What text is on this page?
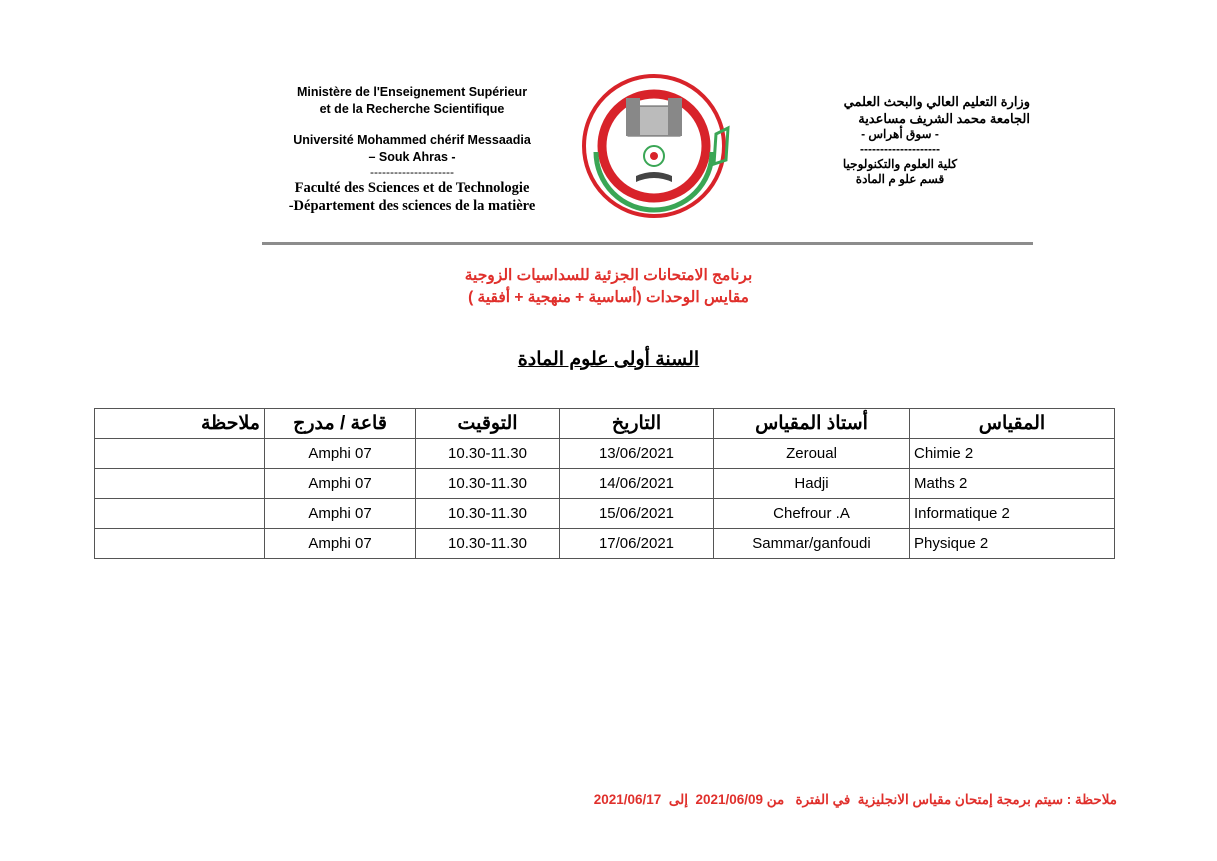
Ministère de l'Enseignement Supérieur
et de la Recherche Scientifique
Université Mohammed chérif Messaadia
– Souk Ahras -
---------------------
Faculté des Sciences et de Technologie
-Département des sciences de la matière
وزارة التعليم العالي والبحث العلمي
الجامعة محمد الشريف مساعدية
- سوق أهراس -
--------------------
كلية العلوم والتكنولوجيا
قسم علو م المادة
برنامج الامتحانات الجزئية للسداسيات الزوجية
مقايس الوحدات (أساسية + منهجية + أفقية )
السنة أولى علوم المادة
المقياس	أستاذ المقياس	التاريخ	التوقيت	قاعة / مدرج	ملاحظة
Chimie 2	Zeroual	13/06/2021	10.30-11.30	Amphi 07	
Maths 2	Hadji	14/06/2021	10.30-11.30	Amphi 07	
Informatique 2	Chefrour .A	15/06/2021	10.30-11.30	Amphi 07	
Physique 2	Sammar/ganfoudi	17/06/2021	10.30-11.30	Amphi 07	
ملاحظة : سيتم برمجة إمتحان مقياس الانجليزية  في الفترة   من 2021/06/09  إلى  2021/06/17
